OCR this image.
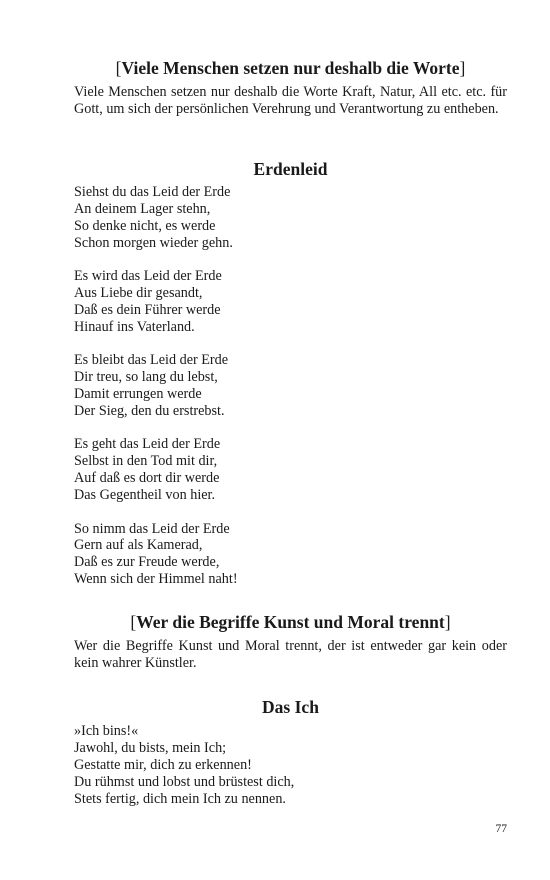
[Viele Menschen setzen nur deshalb die Worte]

Viele Menschen setzen nur deshalb die Worte Kraft, Natur, All etc. etc. für Gott, um sich der persönlichen Verehrung und Verantwortung zu entheben.

Erdenleid
Siehst du das Leid der Erde
An deinem Lager stehn,
So denke nicht, es werde
Schon morgen wieder gehn.
Es wird das Leid der Erde
Aus Liebe dir gesandt,
Daß es dein Führer werde
Hinauf ins Vaterland.
Es bleibt das Leid der Erde
Dir treu, so lang du lebst,
Damit errungen werde
Der Sieg, den du erstrebst.
Es geht das Leid der Erde
Selbst in den Tod mit dir,
Auf daß es dort dir werde
Das Gegentheil von hier.
So nimm das Leid der Erde
Gern auf als Kamerad,
Daß es zur Freude werde,
Wenn sich der Himmel naht!
[Wer die Begriffe Kunst und Moral trennt]

Wer die Begriffe Kunst und Moral trennt, der ist entweder gar kein oder kein wahrer Künstler.

Das Ich
»Ich bins!«
Jawohl, du bists, mein Ich;
Gestatte mir, dich zu erkennen!
Du rühmst und lobst und brüstest dich,
Stets fertig, dich mein Ich zu nennen.
77
